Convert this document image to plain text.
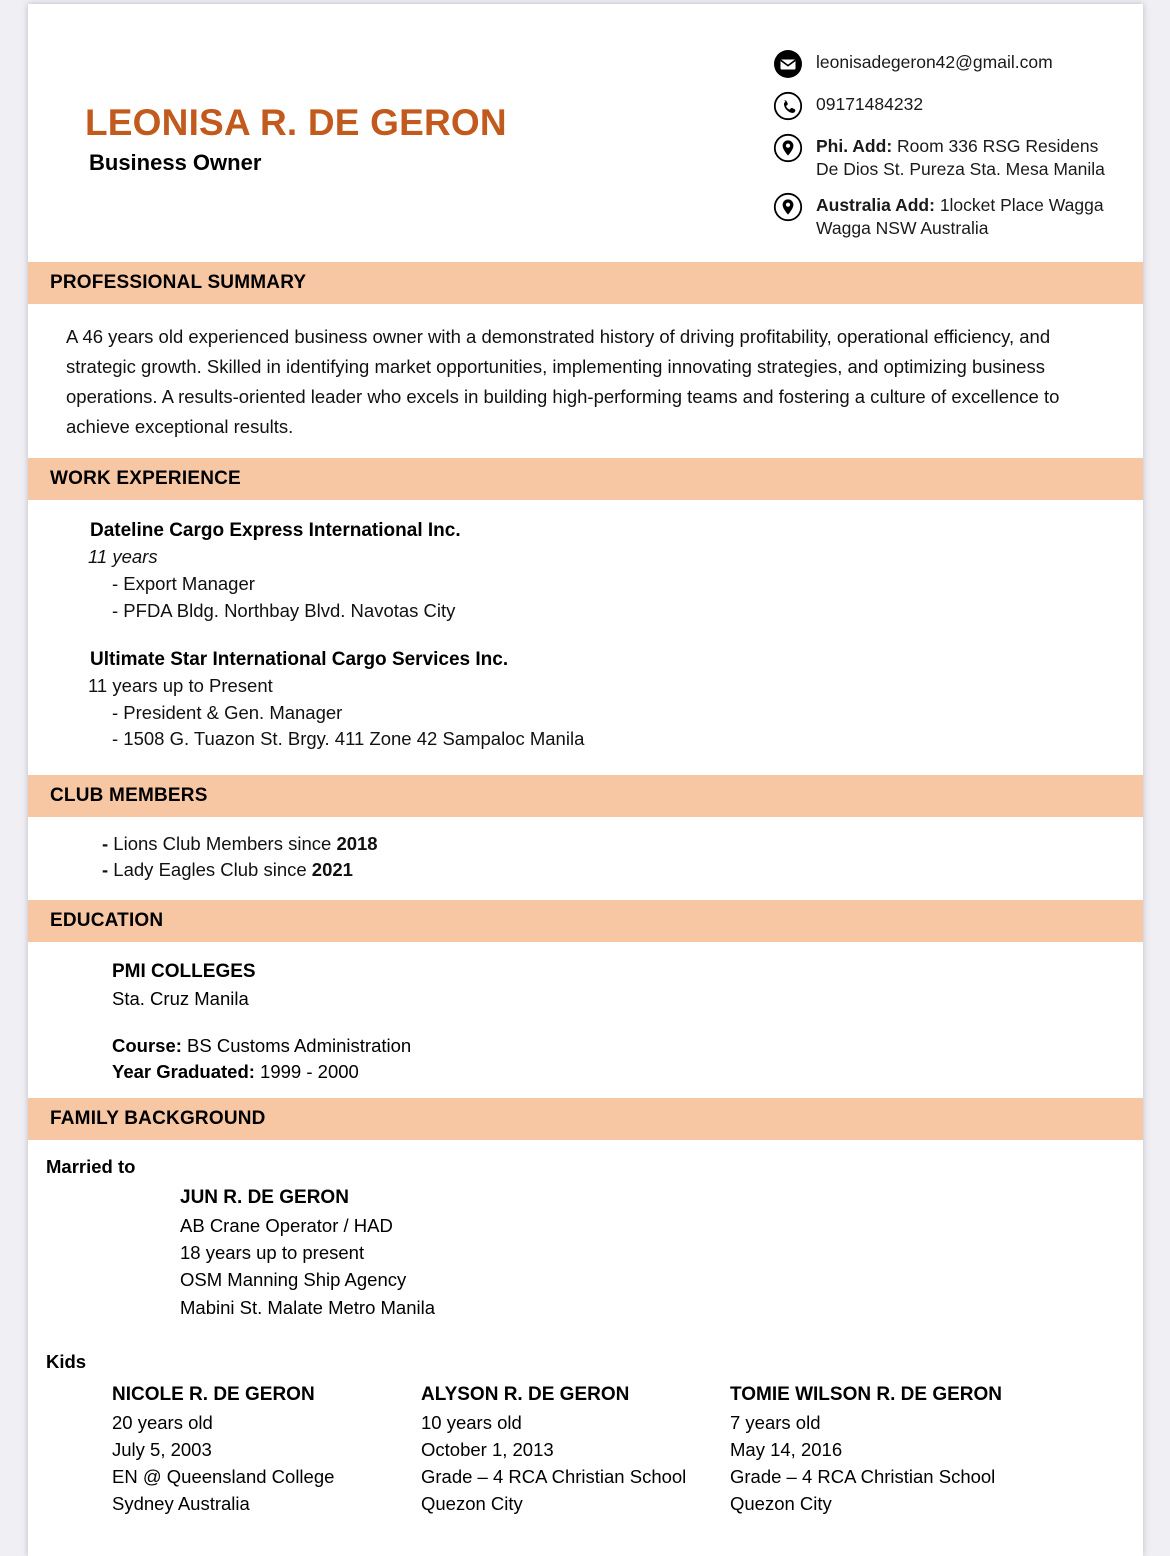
LEONISA R. DE GERON
Business Owner
leonisadegeron42@gmail.com
09171484232
Phi. Add: Room 336 RSG Residens
De Dios St. Pureza Sta. Mesa Manila
Australia Add: 1locket Place Wagga
Wagga NSW Australia
PROFESSIONAL SUMMARY
A 46 years old experienced business owner with a demonstrated history of driving profitability, operational efficiency, and strategic growth. Skilled in identifying market opportunities, implementing innovating strategies, and optimizing business operations. A results-oriented leader who excels in building high-performing teams and fostering a culture of excellence to achieve exceptional results.
WORK EXPERIENCE
Dateline Cargo Express International Inc.
11 years
- Export Manager
- PFDA Bldg. Northbay Blvd. Navotas City
Ultimate Star International Cargo Services Inc.
11 years up to Present
- President & Gen. Manager
- 1508 G. Tuazon St. Brgy. 411 Zone 42 Sampaloc Manila
CLUB MEMBERS
- Lions Club Members since 2018
- Lady Eagles Club since 2021
EDUCATION
PMI COLLEGES
Sta. Cruz Manila
Course: BS Customs Administration
Year Graduated: 1999 - 2000
FAMILY BACKGROUND
Married to
JUN R. DE GERON
AB Crane Operator / HAD
18 years up to present
OSM Manning Ship Agency
Mabini St. Malate Metro Manila
Kids
NICOLE R. DE GERON
20 years old
July 5, 2003
EN @ Queensland College
Sydney Australia
ALYSON R. DE GERON
10 years old
October 1, 2013
Grade – 4 RCA Christian School
Quezon City
TOMIE WILSON R. DE GERON
7 years old
May 14, 2016
Grade – 4 RCA Christian School
Quezon City
